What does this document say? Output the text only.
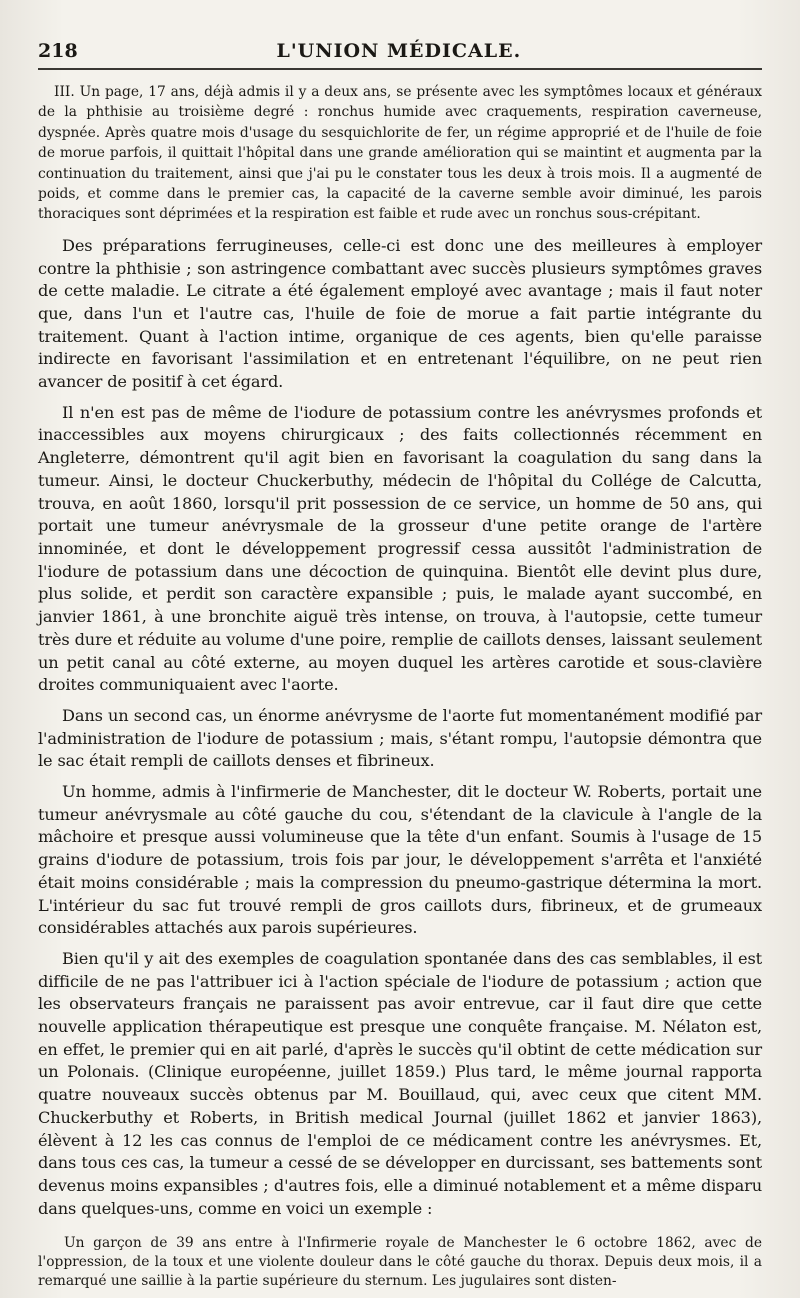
218	L'UNION MÉDICALE.

III. Un page, 17 ans, déjà admis il y a deux ans, se présente avec les symptômes locaux et généraux de la phthisie au troisième degré : ronchus humide avec craquements, respiration caverneuse, dyspnée. Après quatre mois d'usage du sesquichlorite de fer, un régime approprié et de l'huile de foie de morue parfois, il quittait l'hôpital dans une grande amélioration qui se maintint et augmenta par la continuation du traitement, ainsi que j'ai pu le constater tous les deux à trois mois. Il a augmenté de poids, et comme dans le premier cas, la capacité de la caverne semble avoir diminué, les parois thoraciques sont déprimées et la respiration est faible et rude avec un ronchus sous-crépitant.

Des préparations ferrugineuses, celle-ci est donc une des meilleures à employer contre la phthisie ; son astringence combattant avec succès plusieurs symptômes graves de cette maladie. Le citrate a été également employé avec avantage ; mais il faut noter que, dans l'un et l'autre cas, l'huile de foie de morue a fait partie intégrante du traitement. Quant à l'action intime, organique de ces agents, bien qu'elle paraisse indirecte en favorisant l'assimilation et en entretenant l'équilibre, on ne peut rien avancer de positif à cet égard.

Il n'en est pas de même de l'iodure de potassium contre les anévrysmes profonds et inaccessibles aux moyens chirurgicaux ; des faits collectionnés récemment en Angleterre, démontrent qu'il agit bien en favorisant la coagulation du sang dans la tumeur. Ainsi, le docteur Chuckerbuthy, médecin de l'hôpital du Collége de Calcutta, trouva, en août 1860, lorsqu'il prit possession de ce service, un homme de 50 ans, qui portait une tumeur anévrysmale de la grosseur d'une petite orange de l'artère innominée, et dont le développement progressif cessa aussitôt l'administration de l'iodure de potassium dans une décoction de quinquina. Bientôt elle devint plus dure, plus solide, et perdit son caractère expansible ; puis, le malade ayant succombé, en janvier 1861, à une bronchite aiguë très intense, on trouva, à l'autopsie, cette tumeur très dure et réduite au volume d'une poire, remplie de caillots denses, laissant seulement un petit canal au côté externe, au moyen duquel les artères carotide et sous-clavière droites communiquaient avec l'aorte.

Dans un second cas, un énorme anévrysme de l'aorte fut momentanément modifié par l'administration de l'iodure de potassium ; mais, s'étant rompu, l'autopsie démontra que le sac était rempli de caillots denses et fibrineux.

Un homme, admis à l'infirmerie de Manchester, dit le docteur W. Roberts, portait une tumeur anévrysmale au côté gauche du cou, s'étendant de la clavicule à l'angle de la mâchoire et presque aussi volumineuse que la tête d'un enfant. Soumis à l'usage de 15 grains d'iodure de potassium, trois fois par jour, le développement s'arrêta et l'anxiété était moins considérable ; mais la compression du pneumo-gastrique détermina la mort. L'intérieur du sac fut trouvé rempli de gros caillots durs, fibrineux, et de grumeaux considérables attachés aux parois supérieures.

Bien qu'il y ait des exemples de coagulation spontanée dans des cas semblables, il est difficile de ne pas l'attribuer ici à l'action spéciale de l'iodure de potassium ; action que les observateurs français ne paraissent pas avoir entrevue, car il faut dire que cette nouvelle application thérapeutique est presque une conquête française. M. Nélaton est, en effet, le premier qui en ait parlé, d'après le succès qu'il obtint de cette médication sur un Polonais. (Clinique européenne, juillet 1859.) Plus tard, le même journal rapporta quatre nouveaux succès obtenus par M. Bouillaud, qui, avec ceux que citent MM. Chuckerbuthy et Roberts, in British medical Journal (juillet 1862 et janvier 1863), élèvent à 12 les cas connus de l'emploi de ce médicament contre les anévrysmes. Et, dans tous ces cas, la tumeur a cessé de se développer en durcissant, ses battements sont devenus moins expansibles ; d'autres fois, elle a diminué notablement et a même disparu dans quelques-uns, comme en voici un exemple :

Un garçon de 39 ans entre à l'Infirmerie royale de Manchester le 6 octobre 1862, avec de l'oppression, de la toux et une violente douleur dans le côté gauche du thorax. Depuis deux mois, il a remarqué une saillie à la partie supérieure du sternum. Les jugulaires sont disten-
